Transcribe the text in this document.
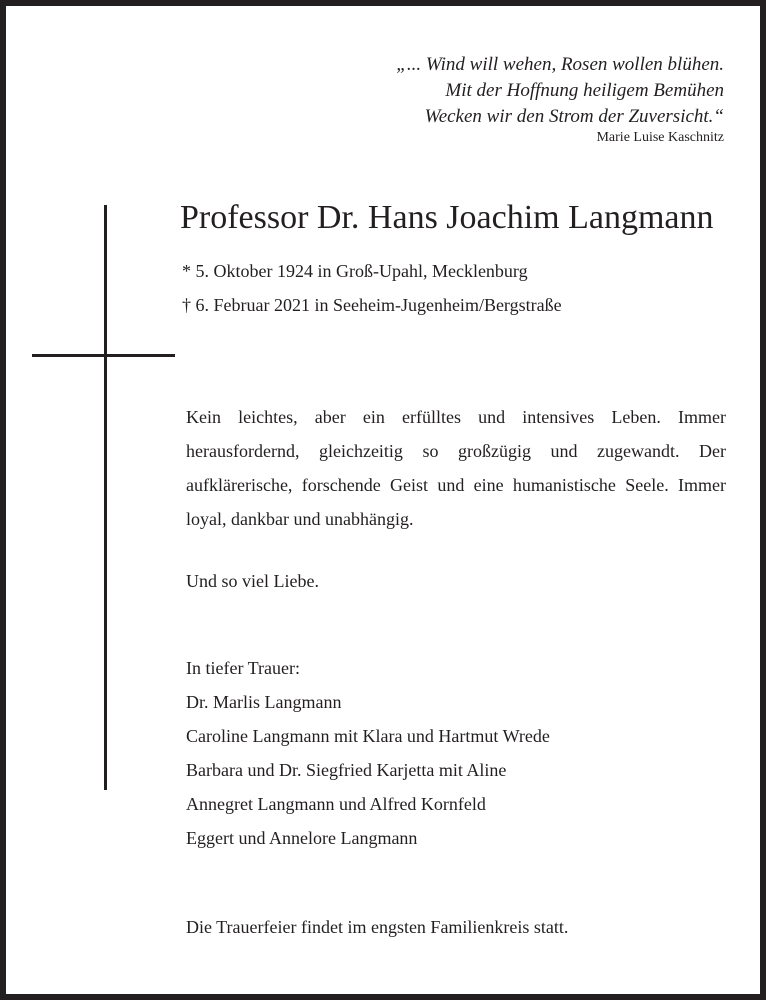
„... Wind will wehen, Rosen wollen blühen.
Mit der Hoffnung heiligem Bemühen
Wecken wir den Strom der Zuversicht.“
Marie Luise Kaschnitz
Professor Dr. Hans Joachim Langmann
* 5. Oktober 1924 in Groß-Upahl, Mecklenburg
† 6. Februar 2021 in Seeheim-Jugenheim/Bergstraße
Kein leichtes, aber ein erfülltes und intensives Leben. Immer herausfordernd, gleichzeitig so großzügig und zugewandt. Der aufklärerische, forschende Geist und eine humanistische Seele. Immer loyal, dankbar und unabhängig.
Und so viel Liebe.
In tiefer Trauer:
Dr. Marlis Langmann
Caroline Langmann mit Klara und Hartmut Wrede
Barbara und Dr. Siegfried Karjetta mit Aline
Annegret Langmann und Alfred Kornfeld
Eggert und Annelore Langmann
Die Trauerfeier findet im engsten Familienkreis statt.
